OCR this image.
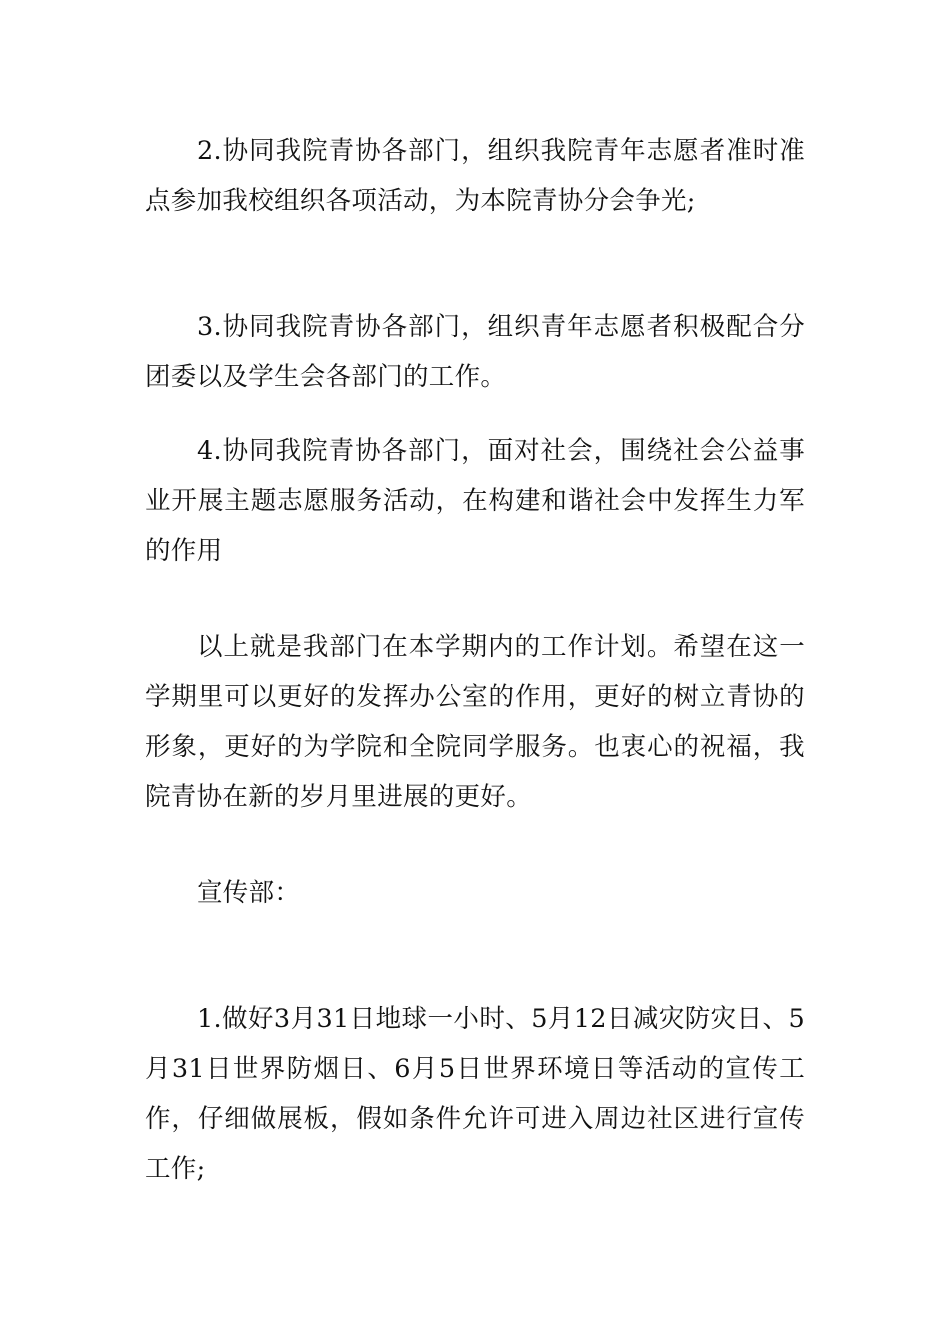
2.协同我院青协各部门，组织我院青年志愿者准时准点参加我校组织各项活动，为本院青协分会争光;

3.协同我院青协各部门，组织青年志愿者积极配合分团委以及学生会各部门的工作。

4.协同我院青协各部门，面对社会，围绕社会公益事业开展主题志愿服务活动，在构建和谐社会中发挥生力军的作用

以上就是我部门在本学期内的工作计划。希望在这一学期里可以更好的发挥办公室的作用，更好的树立青协的形象，更好的为学院和全院同学服务。也衷心的祝福，我院青协在新的岁月里进展的更好。

宣传部：

1.做好3月31日地球一小时、5月12日减灾防灾日、5月31日世界防烟日、6月5日世界环境日等活动的宣传工作，仔细做展板，假如条件允许可进入周边社区进行宣传工作;
